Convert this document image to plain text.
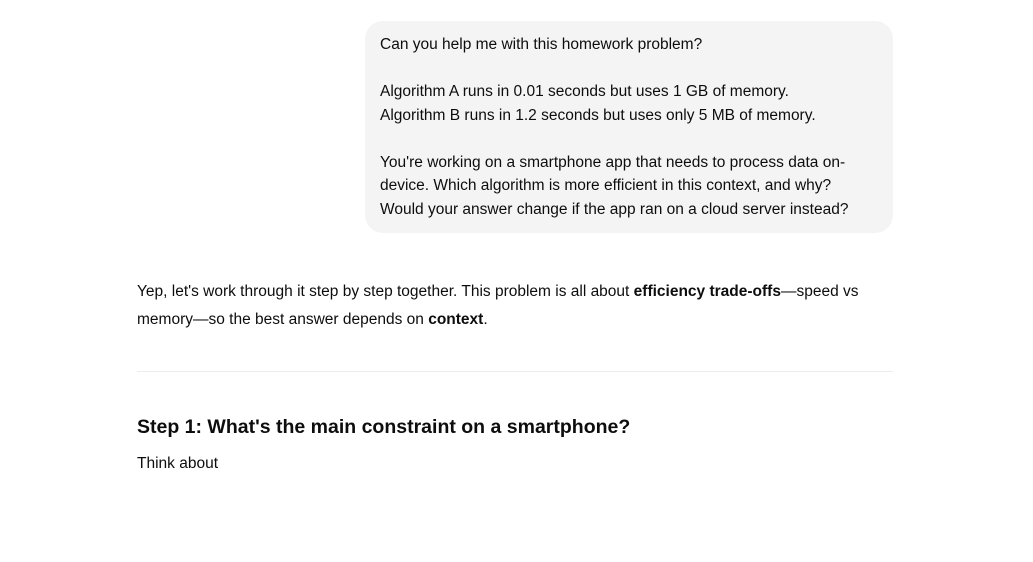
Can you help me with this homework problem?

Algorithm A runs in 0.01 seconds but uses 1 GB of memory.
Algorithm B runs in 1.2 seconds but uses only 5 MB of memory.

You're working on a smartphone app that needs to process data on-
device. Which algorithm is more efficient in this context, and why?
Would your answer change if the app ran on a cloud server instead?

Yep, let's work through it step by step together. This problem is all about efficiency trade-offs—speed vs memory—so the best answer depends on context.

Step 1: What's the main constraint on a smartphone?

Think about
